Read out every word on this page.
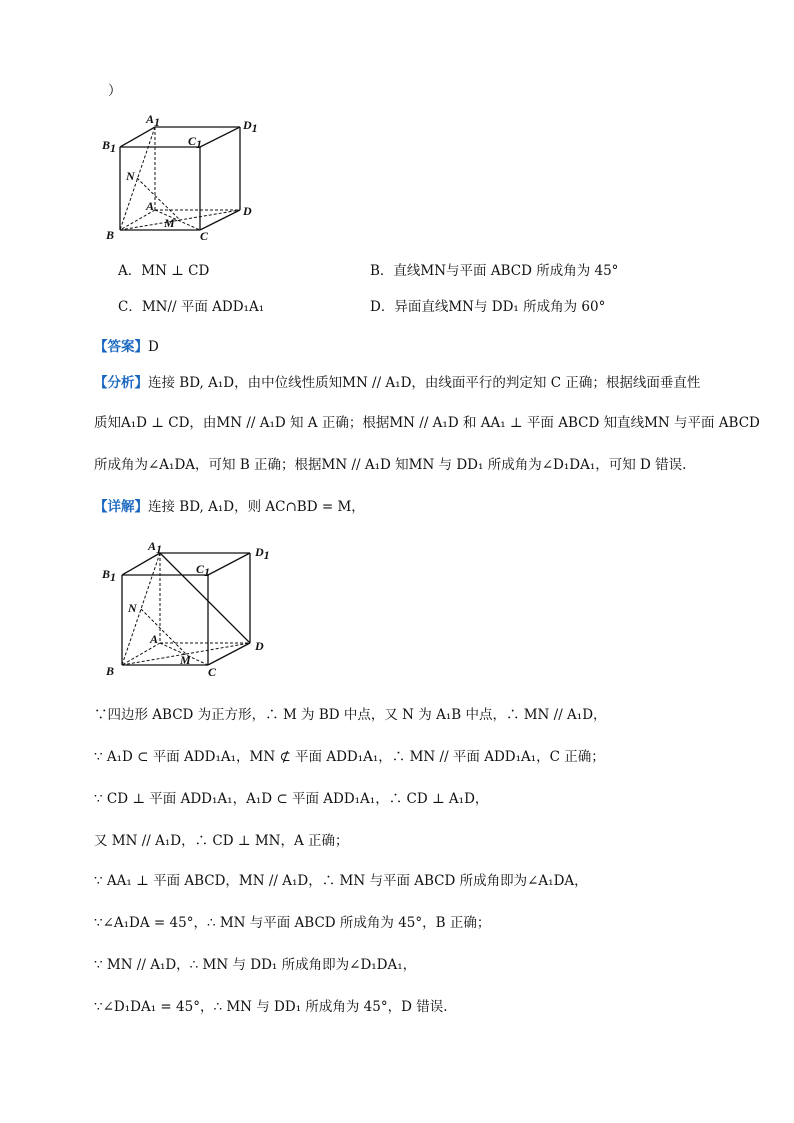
）
A1	D1
B1	C1
N
A
M
D
B	C
A．MN ⊥ CD	B．直线MN与平面 ABCD 所成角为 45°
C．MN// 平面 ADD₁A₁	D．异面直线MN与 DD₁ 所成角为 60°
【答案】D
【分析】连接 BD, A₁D，由中位线性质知MN // A₁D，由线面平行的判定知 C 正确；根据线面垂直性
质知A₁D ⊥ CD，由MN // A₁D 知 A 正确；根据MN // A₁D 和 AA₁ ⊥ 平面 ABCD 知直线MN 与平面 ABCD
所成角为∠A₁DA，可知 B 正确；根据MN // A₁D 知MN 与 DD₁ 所成角为∠D₁DA₁，可知 D 错误.
【详解】连接 BD, A₁D，则 AC∩BD = M，
A1	D1
B1
C1
N
A
M
D
B	C
∵四边形 ABCD 为正方形，∴ M 为 BD 中点，又 N 为 A₁B 中点，∴ MN // A₁D，
∵ A₁D ⊂ 平面 ADD₁A₁，MN ⊄ 平面 ADD₁A₁，∴ MN // 平面 ADD₁A₁，C 正确；
∵ CD ⊥ 平面 ADD₁A₁，A₁D ⊂ 平面 ADD₁A₁，∴ CD ⊥ A₁D，
又 MN // A₁D，∴ CD ⊥ MN，A 正确；
∵ AA₁ ⊥ 平面 ABCD，MN // A₁D，∴ MN 与平面 ABCD 所成角即为∠A₁DA，
∵∠A₁DA = 45°，∴ MN 与平面 ABCD 所成角为 45°，B 正确；
∵ MN // A₁D，∴ MN 与 DD₁ 所成角即为∠D₁DA₁，
∵∠D₁DA₁ = 45°，∴ MN 与 DD₁ 所成角为 45°，D 错误.
